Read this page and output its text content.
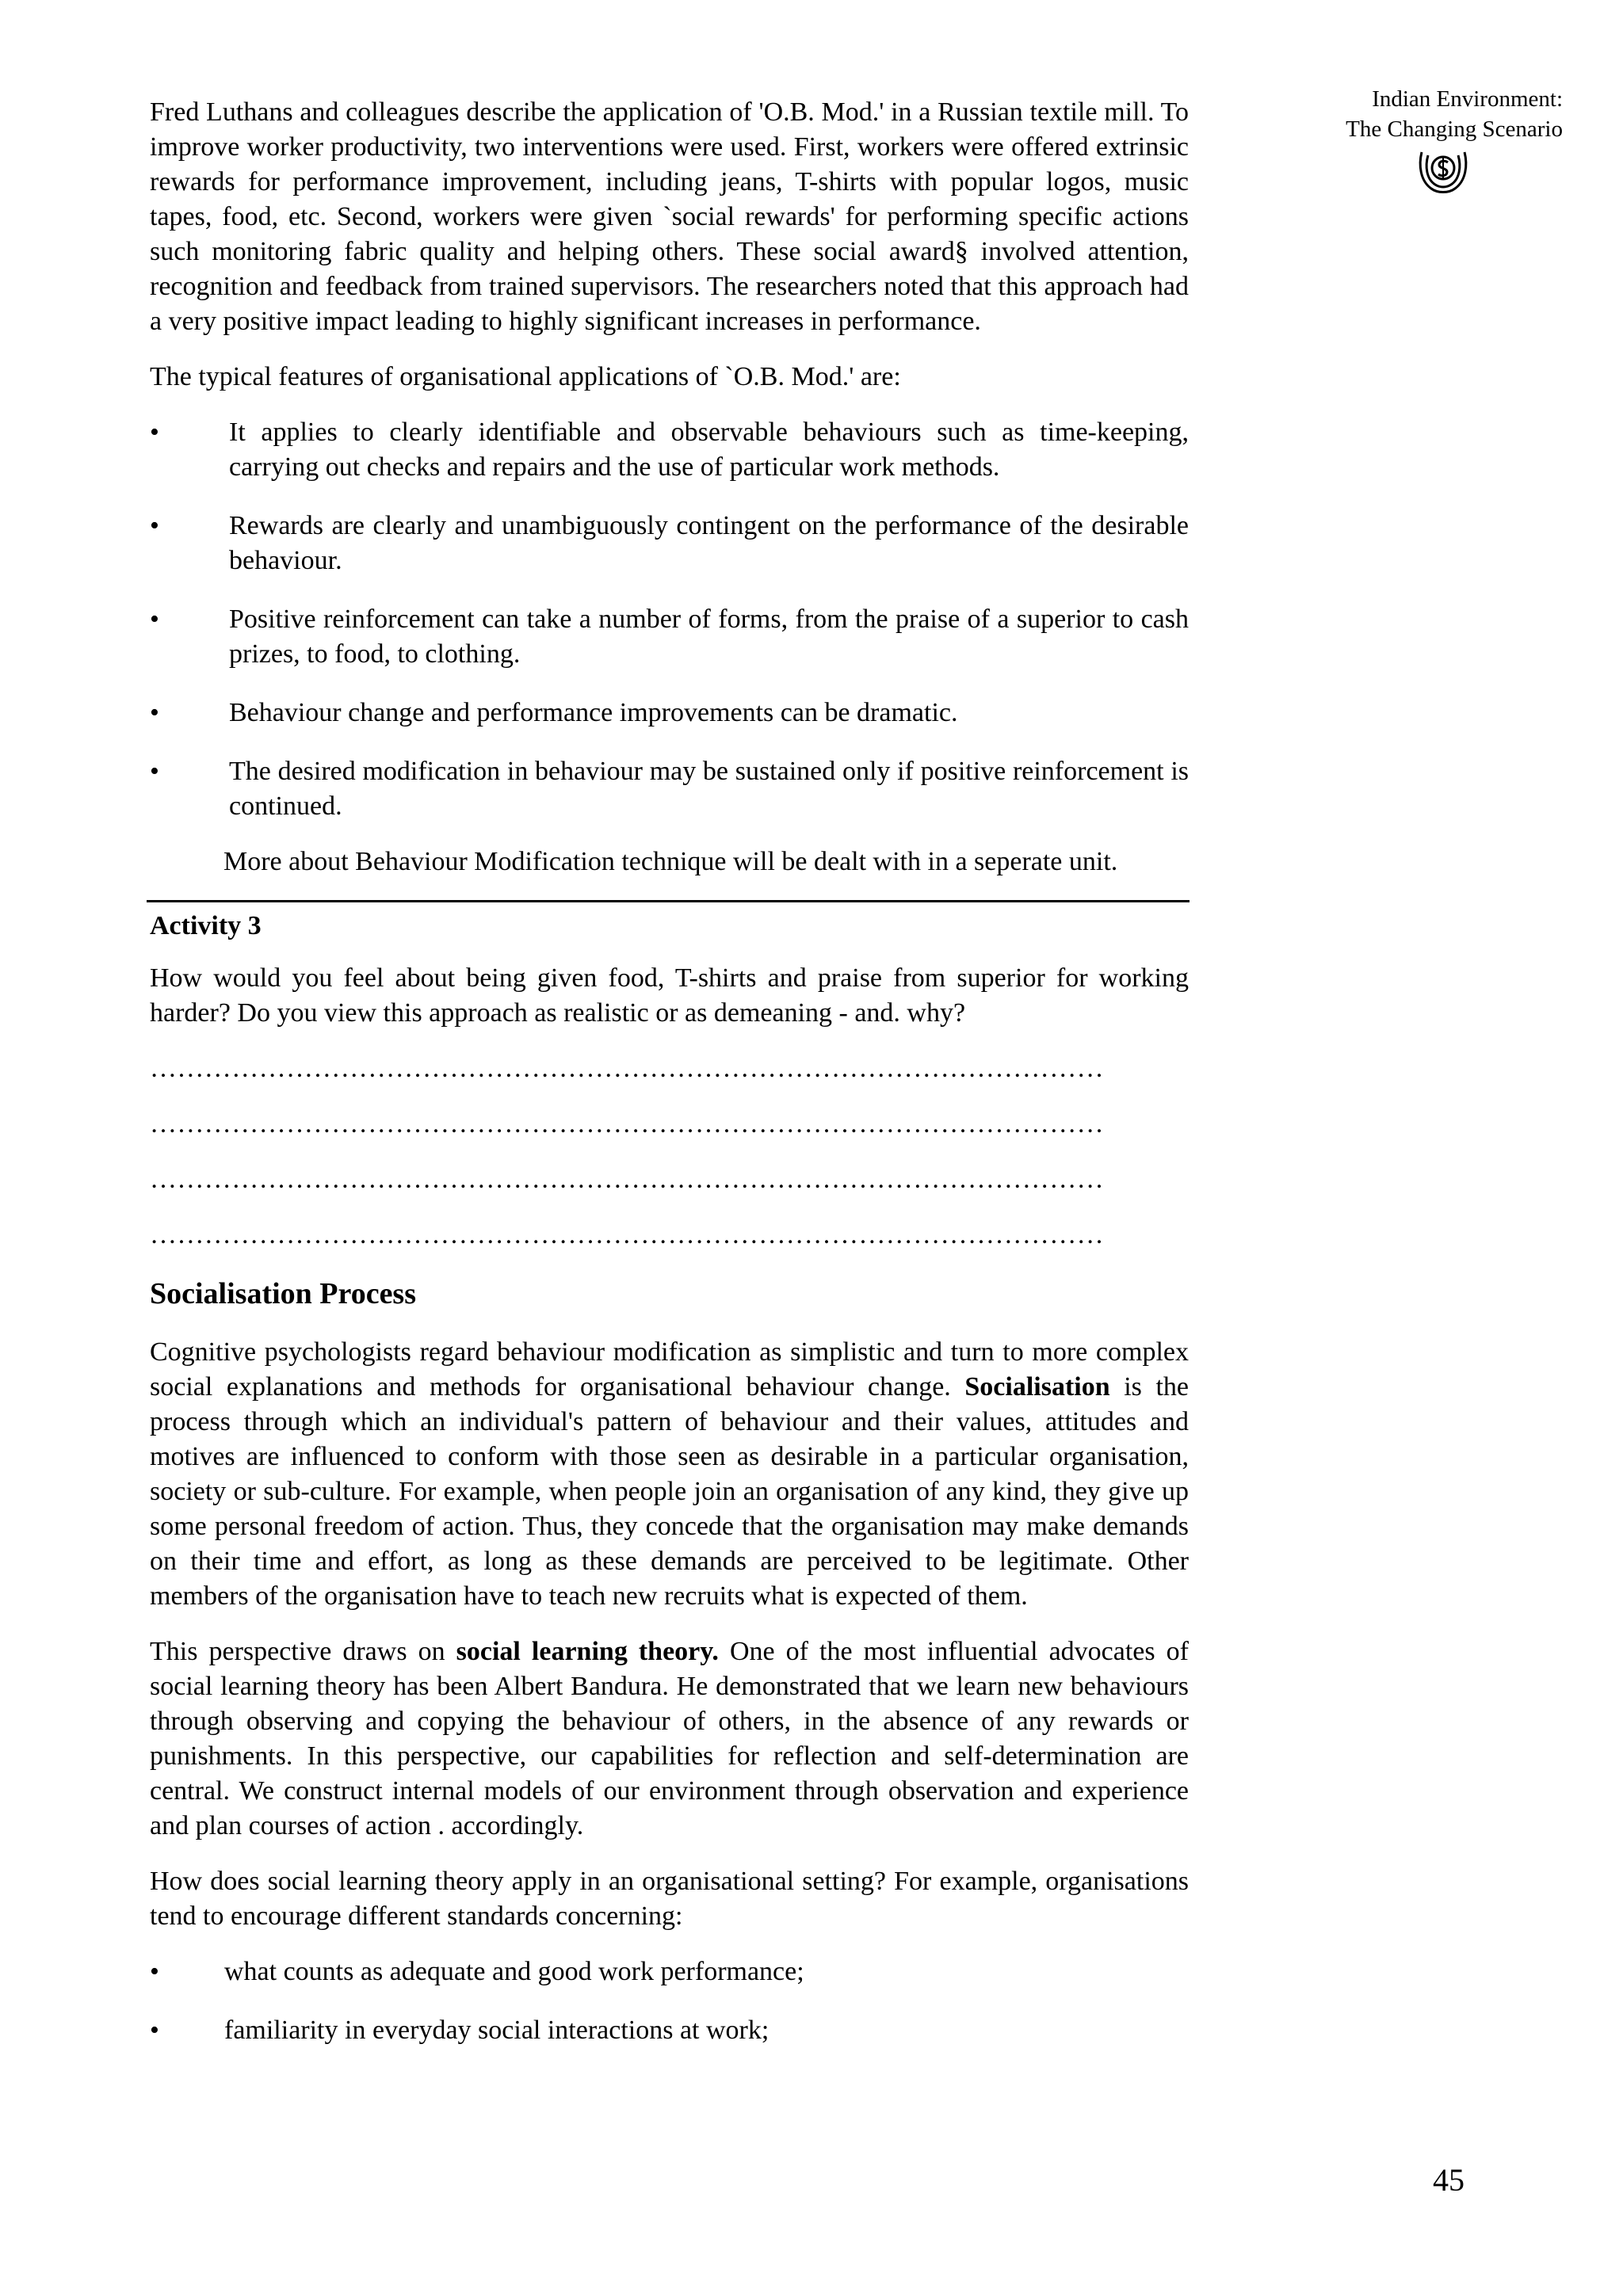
Indian Environment:
The Changing Scenario

Fred Luthans and colleagues describe the application of 'O.B. Mod.' in a Russian textile mill. To improve worker productivity, two interventions were used. First, workers were offered extrinsic rewards for performance improvement, including jeans, T-shirts with popular logos, music tapes, food, etc. Second, workers were given `social rewards' for performing specific actions such monitoring fabric quality and helping others. These social award§ involved attention, recognition and feedback from trained supervisors. The researchers noted that this approach had a very positive impact leading to highly significant increases in performance.

The typical features of organisational applications of `O.B. Mod.' are:

•	It applies to clearly identifiable and observable behaviours such as time-keeping, carrying out checks and repairs and the use of particular work methods.
•	Rewards are clearly and unambiguously contingent on the performance of the desirable behaviour.
•	Positive reinforcement can take a number of forms, from the praise of a superior to cash prizes, to food, to clothing.
•	Behaviour change and performance improvements can be dramatic.
•	The desired modification in behaviour may be sustained only if positive reinforcement is continued.

More about Behaviour Modification technique will be dealt with in a seperate unit.

Activity 3

How would you feel about being given food, T-shirts and praise from superior for working harder? Do you view this approach as realistic or as demeaning - and. why?

……………………………………………………………………………………………

……………………………………………………………………………………………

……………………………………………………………………………………………

……………………………………………………………………………………………

Socialisation Process

Cognitive psychologists regard behaviour modification as simplistic and turn to more complex social explanations and methods for organisational behaviour change. Socialisation is the process through which an individual's pattern of behaviour and their values, attitudes and motives are influenced to conform with those seen as desirable in a particular organisation, society or sub-culture. For example, when people join an organisation of any kind, they give up some personal freedom of action. Thus, they concede that the organisation may make demands on their time and effort, as long as these demands are perceived to be legitimate. Other members of the organisation have to teach new recruits what is expected of them.

This perspective draws on social learning theory. One of the most influential advocates of social learning theory has been Albert Bandura. He demonstrated that we learn new behaviours through observing and copying the behaviour of others, in the absence of any rewards or punishments. In this perspective, our capabilities for reflection and self-determination are central. We construct internal models of our environment through observation and experience and plan courses of action . accordingly.

How does social learning theory apply in an organisational setting? For example, organisations tend to encourage different standards concerning:

• what counts as adequate and good work performance;
• familiarity in everyday social interactions at work;
45
